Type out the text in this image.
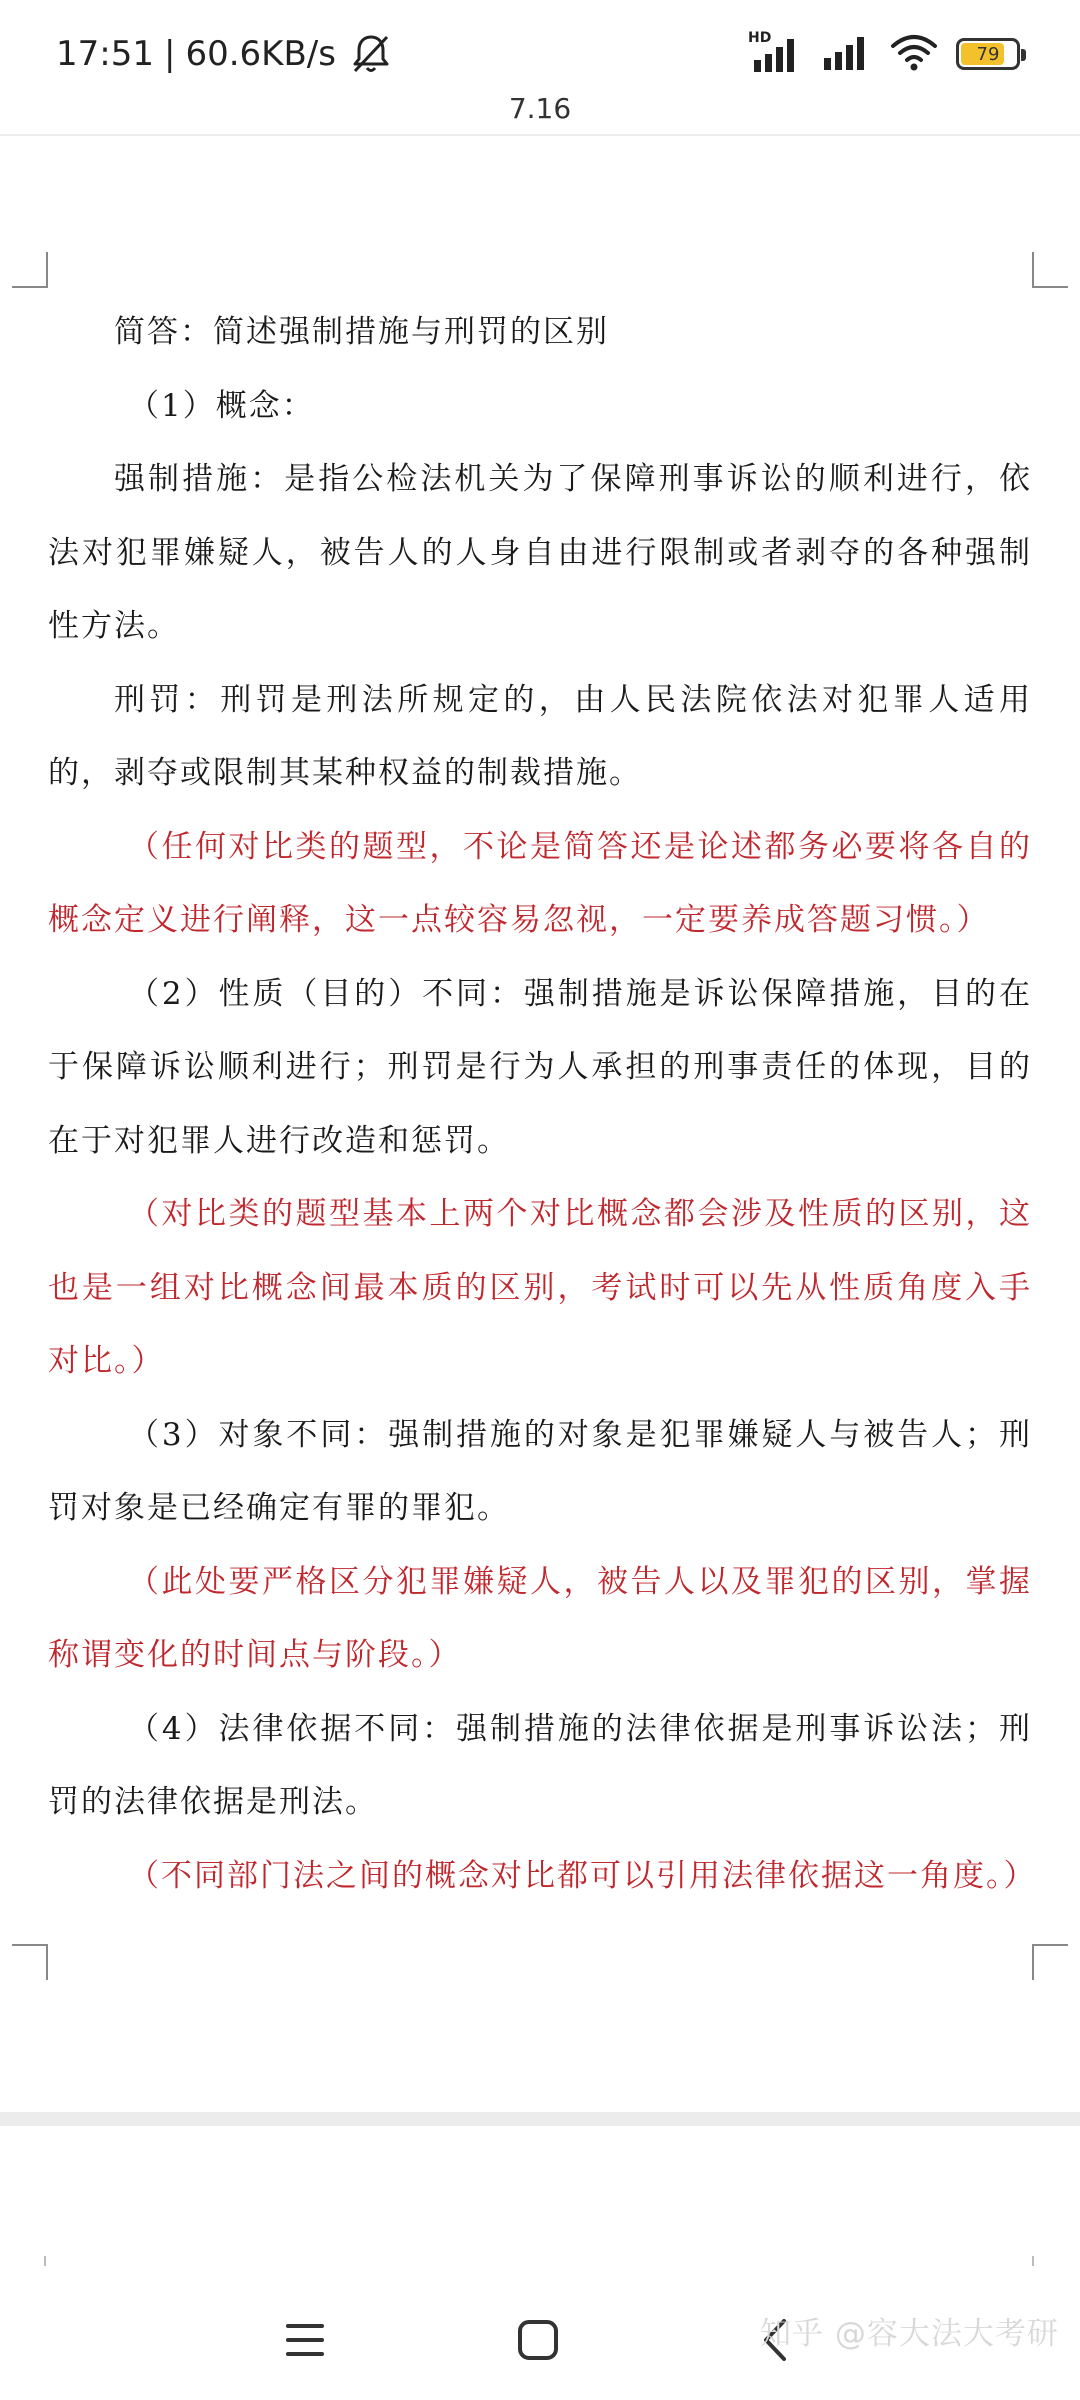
17:51 | 60.6KB/s	HD
79
7.16

简答：简述强制措施与刑罚的区别

（1）概念：

强制措施：是指公检法机关为了保障刑事诉讼的顺利进行，依法对犯罪嫌疑人，被告人的人身自由进行限制或者剥夺的各种强制性方法。

刑罚：刑罚是刑法所规定的，由人民法院依法对犯罪人适用的，剥夺或限制其某种权益的制裁措施。

（任何对比类的题型，不论是简答还是论述都务必要将各自的概念定义进行阐释，这一点较容易忽视，一定要养成答题习惯。）

（2）性质（目的）不同：强制措施是诉讼保障措施，目的在于保障诉讼顺利进行；刑罚是行为人承担的刑事责任的体现，目的在于对犯罪人进行改造和惩罚。

（对比类的题型基本上两个对比概念都会涉及性质的区别，这也是一组对比概念间最本质的区别，考试时可以先从性质角度入手对比。）

（3）对象不同：强制措施的对象是犯罪嫌疑人与被告人；刑罚对象是已经确定有罪的罪犯。

（此处要严格区分犯罪嫌疑人，被告人以及罪犯的区别，掌握称谓变化的时间点与阶段。）

（4）法律依据不同：强制措施的法律依据是刑事诉讼法；刑罚的法律依据是刑法。

（不同部门法之间的概念对比都可以引用法律依据这一角度。）

知乎 @容大法大考研
